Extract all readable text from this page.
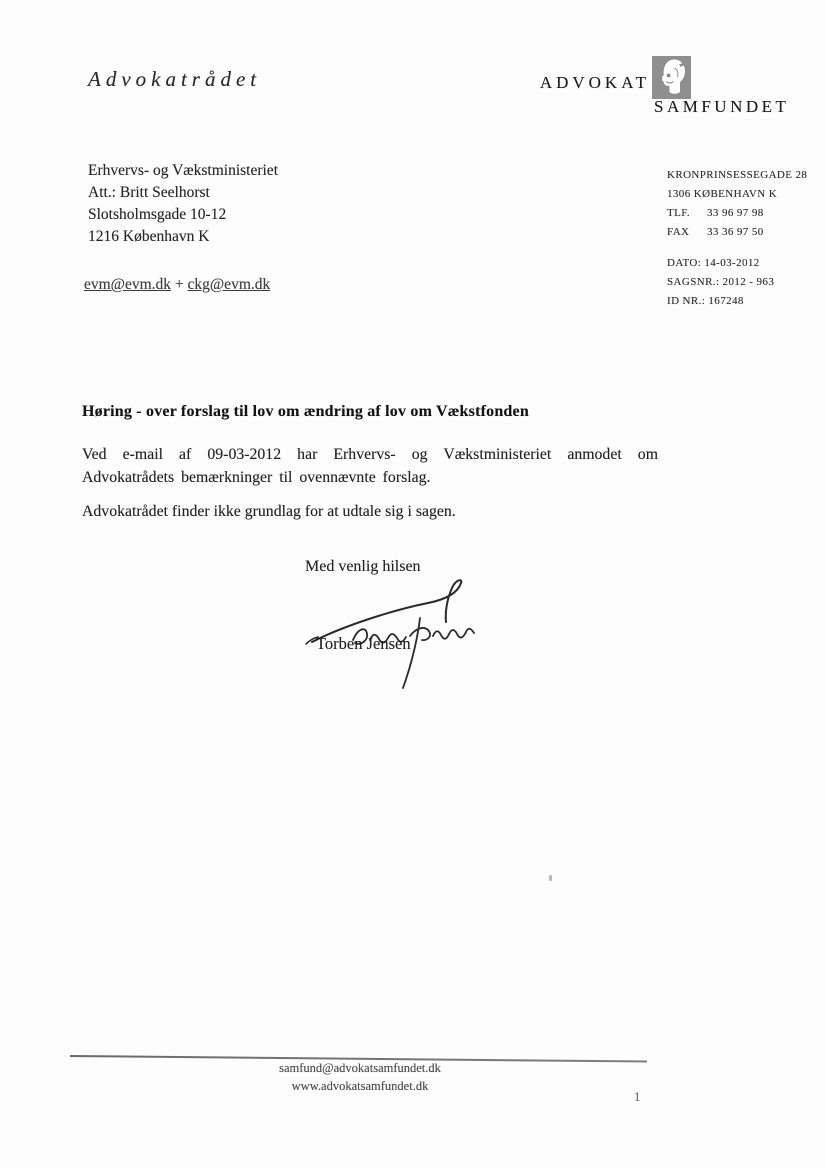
Advokatrådet	ADVOKAT
SAMFUNDET
Erhvervs- og Vækstministeriet
Att.: Britt Seelhorst
Slotsholmsgade 10-12
1216 København K
evm@evm.dk + ckg@evm.dk
KRONPRINSESSEGADE 28
1306 KØBENHAVN K
TLF.	33 96 97 98
FAX	33 36 97 50
DATO: 14-03-2012
SAGSNR.: 2012 - 963
ID NR.: 167248
Høring - over forslag til lov om ændring af lov om Vækstfonden
Ved e-mail af 09-03-2012 har Erhvervs- og Vækstministeriet anmodet om Advokatrådets bemærkninger til ovennævnte forslag.
Advokatrådet finder ikke grundlag for at udtale sig i sagen.
Med venlig hilsen
Torben Jensen
samfund@advokatsamfundet.dk
www.advokatsamfundet.dk
1
